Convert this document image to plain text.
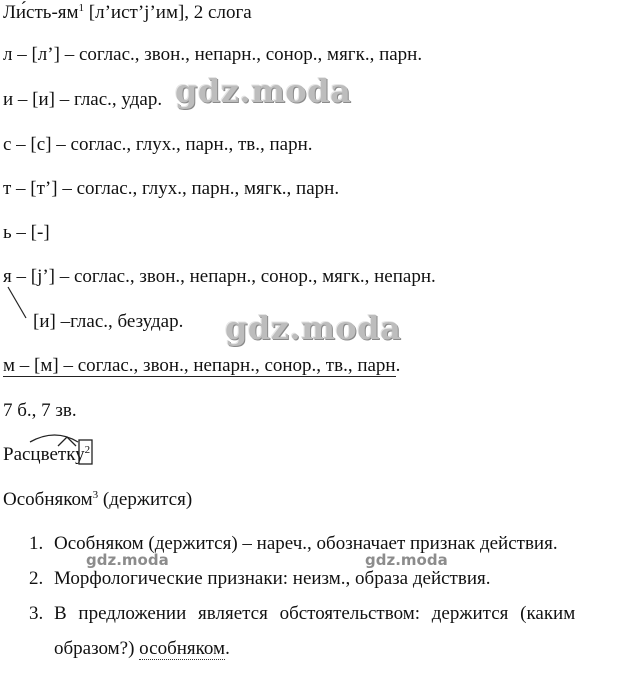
$Ли́сть-ям^1$ [л’ист’j’им], 2 слога
л – [л’] – соглас., звон., непарн., сонор., мягк., парн.
и – [и] – глас., удар.
с – [с] – соглас., глух., парн., тв., парн.
т – [т’] – соглас., глух., парн., мягк., парн.
ь – [-]
я – [j’] – соглас., звон., непарн., сонор., мягк., непарн.
[и] –глас., безудар.
м – [м] – соглас., звон., непарн., сонор., тв., парн.
7 б., 7 зв.
Расцветку$^2$
Особняком$^3$ (держится)
1. Особняком (держится) – нареч., обозначает признак действия.
2. Морфологические признаки: неизм., образа действия.
3. В предложении является обстоятельством: держится (каким
образом?) особняком.
gdz.moda
gdz.moda
gdz.moda	gdz.moda
